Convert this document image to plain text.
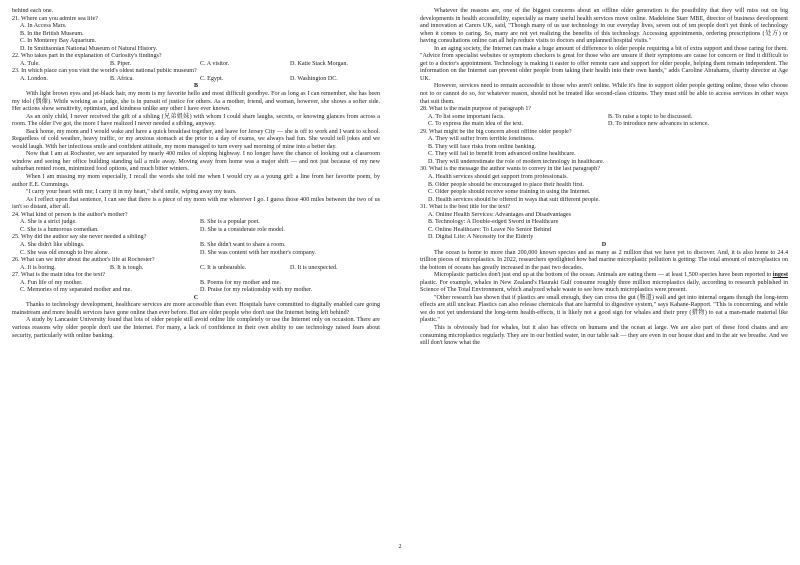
behind each one.
21. Where can you admire sea life?
A. In Access Mars.
B. In the British Museum.
C. In Monterey Bay Aquarium.
D. In Smithsonian National Museum of Natural History.
22. Who takes part in the explanation of Curiosity's findings?
A. Tule.	B. Piper.	C. A visitor.	D. Katie Stack Morgan.
23. In which place can you visit the world's oldest national public museum?
A. London.	B. Africa.	C. Egypt.	D. Washington DC.
B
With light brown eyes and jet-black hair, my mom is my favorite hello and most difficult goodbye. For as long as I can remember, she has been my idol (偶像). While working as a judge, she is in pursuit of justice for others. As a mother, friend, and woman, however, she shows a softer side. Her actions show sensitivity, optimism, and kindness unlike any other I have ever known.
As an only child, I never received the gift of a sibling (兄弟姐妹) with whom I could share laughs, secrets, or knowing glances from across a room. The older I've got, the more I have realized I never needed a sibling, anyway.
Back home, my mom and I would wake and have a quick breakfast together, and leave for Jersey City — she is off to work and I want to school. Regardless of cold weather, heavy traffic, or my anxious stomach at the prior to a day of exams, we always had fun. She would tell jokes and we would laugh. With her infectious smile and confident attitude, my mom managed to turn every sad morning of mine into a better day.
Now that I am at Rochester, we are separated by nearly 400 miles of sloping highway. I no longer have the chance of looking out a classroom window and seeing her office building standing tall a mile away. Moving away from home was a major shift — and not just because of my new suburban rented room, minimized food options, and much bitter winters.
When I am missing my mom especially, I recall the words she told me when I would cry as a young girl: a line from her favorite poem, by author E.E. Cummings.
"I carry your heart with me; I carry it in my heart," she'd smile, wiping away my tears.
As I reflect upon that sentence, I can see that there is a piece of my mom with me wherever I go. I guess those 400 miles between the two of us isn't so distant, after all.
24. What kind of person is the author's mother?
A. She is a strict judge.	B. She is a popular poet.
C. She is a humorous comedian.	D. She is a considerate role model.
25. Why did the author say she never needed a sibling?
A. She didn't like siblings.	B. She didn't want to share a room.
C. She was old enough to live alone.	D. She was content with her mother's company.
26. What can we infer about the author's life at Rochester?
A. It is boring.	B. It is tough.	C. It is unbearable.	D. It is unexpected.
27. What is the main idea for the text?
A. Fun life of my mother.	B. Poems for my mother and me.
C. Memories of my separated mother and me.	D. Praise for my relationship with my mother.
C
Thanks to technology development, healthcare services are more accessible than ever. Hospitals have committed to digitally enabled care going mainstream and more health services have gone online than ever before. But are older people who don't use the Internet being left behind?
A study by Lancaster University found that lots of older people still avoid online life completely or use the Internet only on occasion. There are various reasons why older people don't use the Internet. For many, a lack of confidence in their own ability to use technology raised fears about security, particularly with online banking.
Whatever the reasons are, one of the biggest concerns about an offline older generation is the possibility that they will miss out on big developments in health accessibility, especially as many useful health services move online. Madeleine Starr MBE, director of business development and innovation at Carers UK, said, "Though many of us use technology in our everyday lives, seven out of ten people don't yet think of technology when it comes to caring. So, many are not yet realizing the benefits of this technology. Accessing appointments, ordering prescriptions (处方) or having consultations online can all help reduce visits to doctors and unplanned hospital visits."
In an aging society, the Internet can make a huge amount of difference to older people requiring a bit of extra support and those caring for them. "Advice from specialist websites or symptom checkers is great for those who are unsure if their symptoms are cause for concern or find it difficult to get to a doctor's appointment. Technology is making it easier to offer remote care and support for older people, helping them remain independent. The information on the Internet can prevent older people from taking their health into their own hands," adds Caroline Abrahams, charity director at Age UK.
However, services need to remain accessible to those who aren't online. While it's fine to support older people getting online, those who choose not to or cannot do so, for whatever reason, should not be treated like second-class citizens. They must still be able to access services in other ways that suit them.
28. What is the main purpose of paragraph 1?
A. To list some important facts.	B. To raise a topic to be discussed.
C. To express the main idea of the text.	D. To introduce new advances in science.
29. What might be the big concern about offline older people?
A. They will suffer from terrible loneliness.
B. They will face risks from online banking.
C. They will fail to benefit from advanced online healthcare.
D. They will underestimate the role of modern technology in healthcare.
30. What is the message the author wants to convey in the last paragraph?
A. Health services should get support from professionals.
B. Older people should be encouraged to place their health first.
C. Older people should receive some training in using the Internet.
D. Health services should be offered in ways that suit different people.
31. What is the best title for the text?
A. Online Health Services: Advantages and Disadvantages
B. Technology: A Double-edged Sword in Healthcare
C. Online Healthcare: To Leave No Senior Behind
D. Digital Life: A Necessity for the Elderly
D
The ocean is home to more than 200,000 known species and as many as 2 million that we have yet to discover. And, it is also home to 24.4 trillion pieces of microplastics. In 2022, researchers spotlighted how bad marine microplastic pollution is getting: The total amount of microplastics on the bottom of oceans has greatly increased in the past two decades.
Microplastic particles don't just end up at the bottom of the ocean. Animals are eating them — at least 1,500 species have been reported to ingest plastic. For example, whales in New Zealand's Hauraki Gulf consume roughly three million microplastics daily, according to research published in Science of The Total Environment, which analyzed whale waste to see how much microplastics were present.
"Other research has shown that if plastics are small enough, they can cross the gut (肠道) wall and get into internal organs though the long-term effects are still unclear. Plastics can also release chemicals that are harmful to digestive system," says Kahane-Rapport. "This is concerning, and while we do not yet understand the long-term health-effects, it is likely not a good sign for whales and their prey (猎物) to eat a man-made material like plastic."
This is obviously bad for whales, but it also has effects on humans and the ocean at large. We are also part of these food chains and are consuming microplastics regularly. They are in our bottled water, in our table salt — they are even in our house dust and in the air we breathe. And we still don't know what the
2
